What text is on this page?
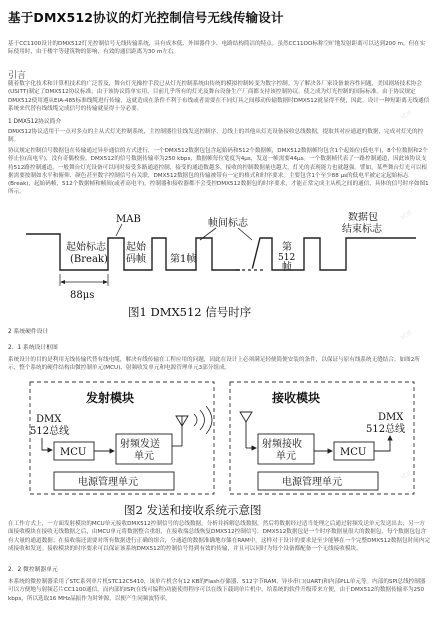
基于DMX512协议的灯光控制信号无线传输设计

基于CC1100设计的DMX512灯光控制信号无线传输系统，具有成本低、外围器件少、电路结构简洁的特点。虽然CC11OO标称空旷地发射距离可以达到200 m，但在实际使用时，由于楼宇等建筑物的影响，有效的通信距离为30 m左右。

引言

随着数字化技术和计算机技术的广泛普及，舞台灯光操控手段已从灯光控制系统由传统的模拟控制转变为数字控制。为了解决各厂家设备兼容性问题，美国剧场技术协会(USITT)制定了DMX512协议标准，由于该协议简单实用，目前几乎所有的灯光及舞台设备生产厂商都支持该控制协议，使之成为灯光控制的国际标准。由于协议规定DMX512使用遵从EIA-485标准线缆进行传输，这就造成在条件不利于布线或者需要在不同灯具之间移动传输数据时DMX512就显得不便，因此，设计一种短距离无线通信系统来代替有线线缆完成信号的传输就显得十分必要。

1 DMX512协议简介

DMX512协议适用于一点对多点的主从式灯光控制系统，主控制器往往线发送控制序，总线上的其他从灯光设备接收总线数据，提取其对应通道的数据，完成对灯光的控制。

协议规定控制信号数据包在传输通过异步通信的方式进行，一个DMX512数据包包含起始码和512个数据帧，DMX512数据帧均包含1个起始位(低电平)，8个位数据和2个停止位(高电平)，没有奇偶校验。DMX512的信号数据传输率为250 kbps，数据帧每位宽度为4μs，发送一帧需要44μs。一个数据帧代表了一路控制通道，因此该协议支持512路控制通道。一般舞台灯光设备可以同时接受多路通道控制，接受的通道数越多，接收的控制数据量也越大，灯光的表现能力也就越强。譬如，某些舞台灯光可以根据需要按制如水平和俯仰、颜色甚至数字控制信号有关联，DMX512数据包的传输被带有一定的格式和时序要求。主要包含1个至少88 μs的低电平被定定起始标志(Break)，起始码帧，512个数据帧和帧间(或者高电平)。控制器和接收器都不会受控DMX512数据包的时序要求，才能正常完成主从机之间的通信，具体的信号时序如图1所示。

MAB
起始标志
(Break)
起始
码帧 第1帧
帧间标志
第
512
帧
数据包
结束标志
88μs
图1 DMX512 信号时序
2 系统硬件设计
2．1 系统设计框图

系统设计的目的是利用无线传输代替有线电缆，解决有线传输在工程应用的问题，因此在设计上必须满足轻便简便安装的条件，以保证与原有线系统无缝结合。如图2所示，整个系统的硬件结构由微控制单元(MCU)、射频收发单元和电源管理单元3部分组成。

发射模块	接收模块
DMX
512总线
MCU
射频发送
单元
射频接收
单元	MCU
DMX
512总线
电源管理单元	电源管理单元
图2 发送和接收系统示意图

在工作方式上，一方面发射模块的MCU单元接收DMX512控制信号的总线数据，分析并拆解总线数据，然后将数据经过适当处理之后通过射频发送单元发送出去；另一方面接收模块在接收无线数据之后，由MCU单元将数据整合重组，在接收端总线恢复DMX512控制信号。DMX512数据包是一个时序数据量很大的数据包，每个数据包包含有大量的通道数据；在接收端还需要对所有数据进行正确的组合，分通道的数据准确地存储在RAM中。这样对于设计的要求是至少能够在一个完整DMX512数据包时间内完成接收和发送。接收模块的时序要求可以保证该系统DMX512的控制信号得到有效的传输，并且可以同时为每个设备都配备一个无线接收模块。

2．2 微控制器单元

本系统的微控制器采用了STC系列单片机STC12C5410，该单片机含有12 KB的Flash存储器、512字节RAM、异步串口(UART)和内部PLL单元等。内部的SPI总线控制器可以方便地与射频芯片CC1100通信，而内部的ISP(在线可编程)功能使得程序可以在线下载到单片机中，给系统的软件升级带来方便，由于DMX512的数据传输率为250 kbps，所以选取16 MHz晶振作为时钟源，以便产生同频波特率。

试读
试读
试读
试读
